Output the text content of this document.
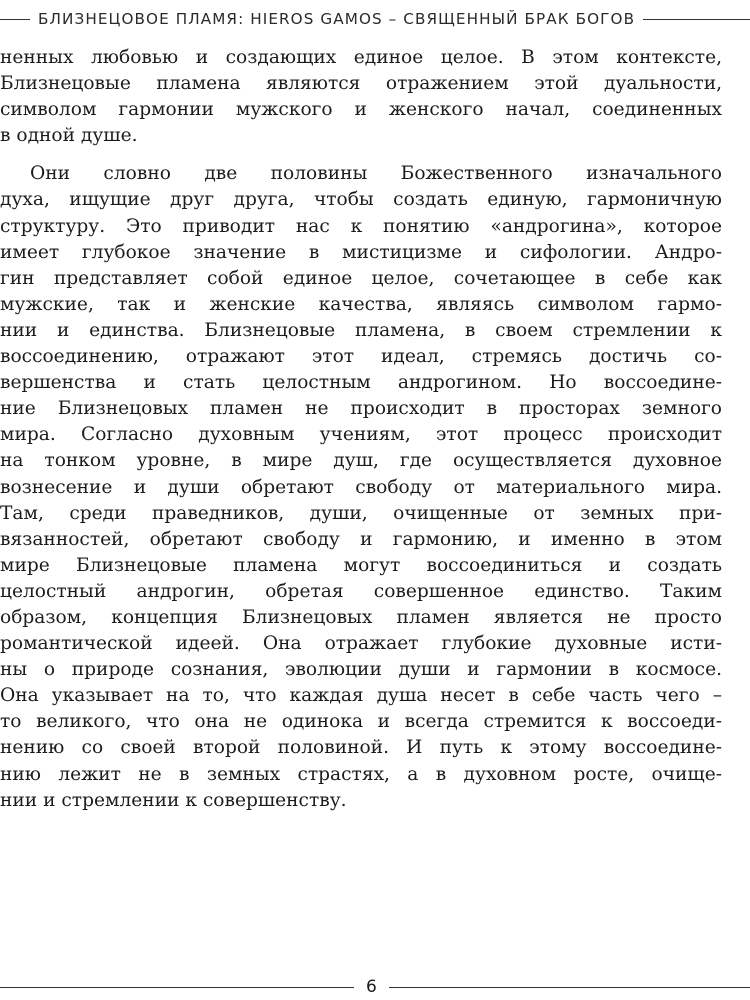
БЛИЗНЕЦОВОЕ ПЛАМЯ: HIEROS GAMOS – СВЯЩЕННЫЙ БРАК БОГОВ

ненных любовью и создающих единое целое. В этом контексте,
Близнецовые пламена являются отражением этой дуальности,
символом гармонии мужского и женского начал, соединенных
в одной душе.

Они словно две половины Божественного изначального
духа, ищущие друг друга, чтобы создать единую, гармоничную
структуру. Это приводит нас к понятию «андрогина», которое
имеет глубокое значение в мистицизме и сифологии. Андро-
гин представляет собой единое целое, сочетающее в себе как
мужские, так и женские качества, являясь символом гармо-
нии и единства. Близнецовые пламена, в своем стремлении к
воссоединению, отражают этот идеал, стремясь достичь со-
вершенства и стать целостным андрогином. Но воссоедине-
ние Близнецовых пламен не происходит в просторах земного
мира. Согласно духовным учениям, этот процесс происходит
на тонком уровне, в мире душ, где осуществляется духовное
вознесение и души обретают свободу от материального мира.
Там, среди праведников, души, очищенные от земных при-
вязанностей, обретают свободу и гармонию, и именно в этом
мире Близнецовые пламена могут воссоединиться и создать
целостный андрогин, обретая совершенное единство. Таким
образом, концепция Близнецовых пламен является не просто
романтической идеей. Она отражает глубокие духовные исти-
ны о природе сознания, эволюции души и гармонии в космосе.
Она указывает на то, что каждая душа несет в себе часть чего –
то великого, что она не одинока и всегда стремится к воссоеди-
нению со своей второй половиной. И путь к этому воссоедине-
нию лежит не в земных страстях, а в духовном росте, очище-
нии и стремлении к совершенству.

6
